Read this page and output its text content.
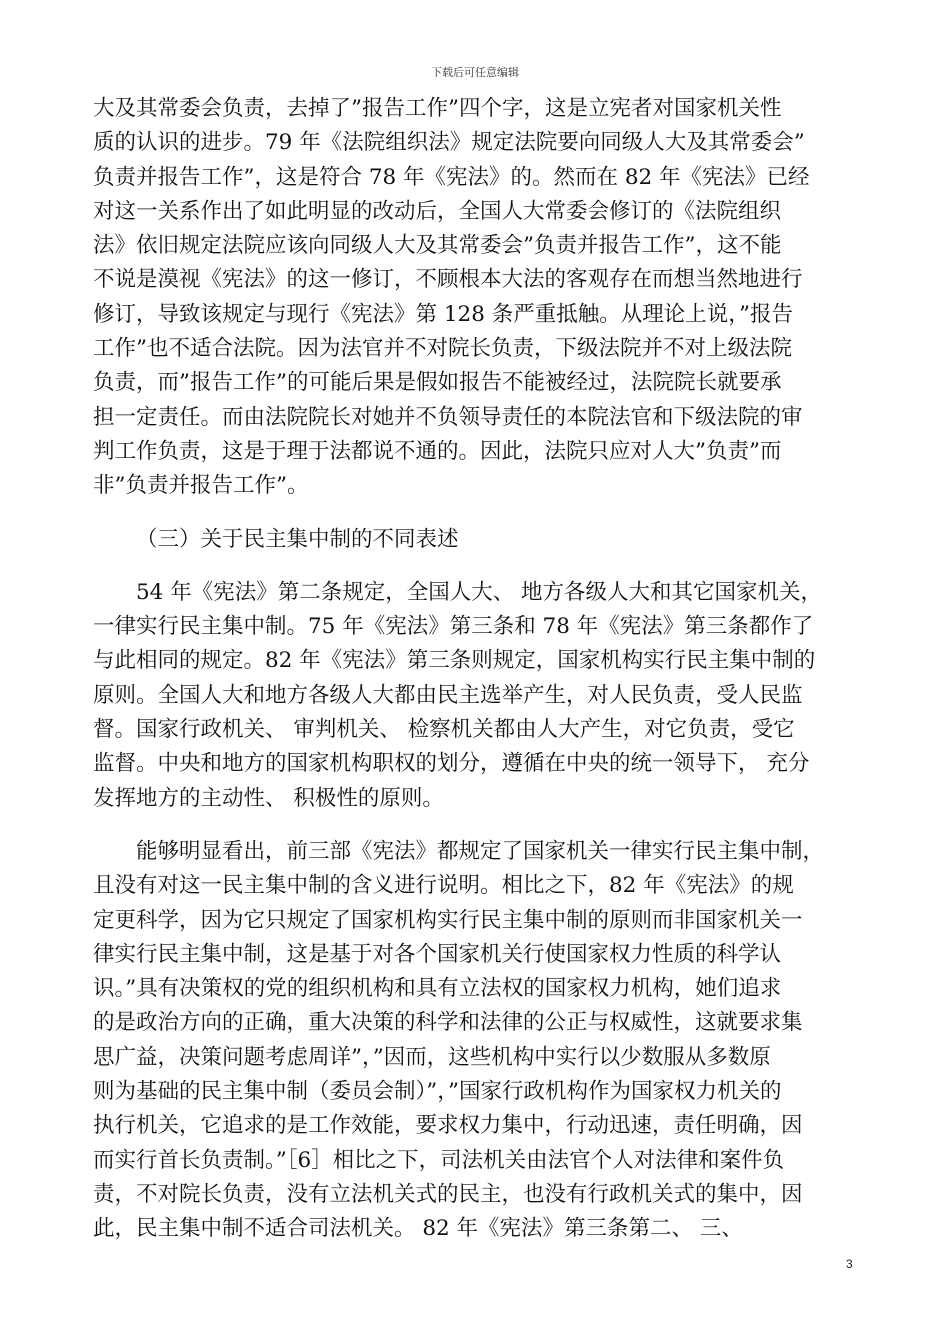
下载后可任意编辑
大及其常委会负责，去掉了”报告工作”四个字，这是立宪者对国家机关性
质的认识的进步。79 年《法院组织法》规定法院要向同级人大及其常委会”
负责并报告工作”，这是符合 78 年《宪法》的。然而在 82 年《宪法》已经
对这一关系作出了如此明显的改动后，全国人大常委会修订的《法院组织
法》依旧规定法院应该向同级人大及其常委会”负责并报告工作”，这不能
不说是漠视《宪法》的这一修订，不顾根本大法的客观存在而想当然地进行
修订，导致该规定与现行《宪法》第 128 条严重抵触。从理论上说，”报告
工作”也不适合法院。因为法官并不对院长负责，下级法院并不对上级法院
负责，而”报告工作”的可能后果是假如报告不能被经过，法院院长就要承
担一定责任。而由法院院长对她并不负领导责任的本院法官和下级法院的审
判工作负责，这是于理于法都说不通的。因此，法院只应对人大”负责”而
非”负责并报告工作”。
（三）关于民主集中制的不同表述
54 年《宪法》第二条规定，全国人大、 地方各级人大和其它国家机关，
一律实行民主集中制。75 年《宪法》第三条和 78 年《宪法》第三条都作了
与此相同的规定。82 年《宪法》第三条则规定，国家机构实行民主集中制的
原则。全国人大和地方各级人大都由民主选举产生，对人民负责，受人民监
督。国家行政机关、 审判机关、 检察机关都由人大产生，对它负责，受它
监督。中央和地方的国家机构职权的划分，遵循在中央的统一领导下， 充分
发挥地方的主动性、 积极性的原则。
能够明显看出，前三部《宪法》都规定了国家机关一律实行民主集中制，
且没有对这一民主集中制的含义进行说明。相比之下，82 年《宪法》的规
定更科学，因为它只规定了国家机构实行民主集中制的原则而非国家机关一
律实行民主集中制，这是基于对各个国家机关行使国家权力性质的科学认
识。”具有决策权的党的组织机构和具有立法权的国家权力机构，她们追求
的是政治方向的正确，重大决策的科学和法律的公正与权威性，这就要求集
思广益，决策问题考虑周详”，”因而，这些机构中实行以少数服从多数原
则为基础的民主集中制（委员会制）”，”国家行政机构作为国家权力机关的
执行机关，它追求的是工作效能，要求权力集中，行动迅速，责任明确，因
而实行首长负责制。”［6］相比之下，司法机关由法官个人对法律和案件负
责，不对院长负责，没有立法机关式的民主，也没有行政机关式的集中，因
此，民主集中制不适合司法机关。 82 年《宪法》第三条第二、 三、
3
